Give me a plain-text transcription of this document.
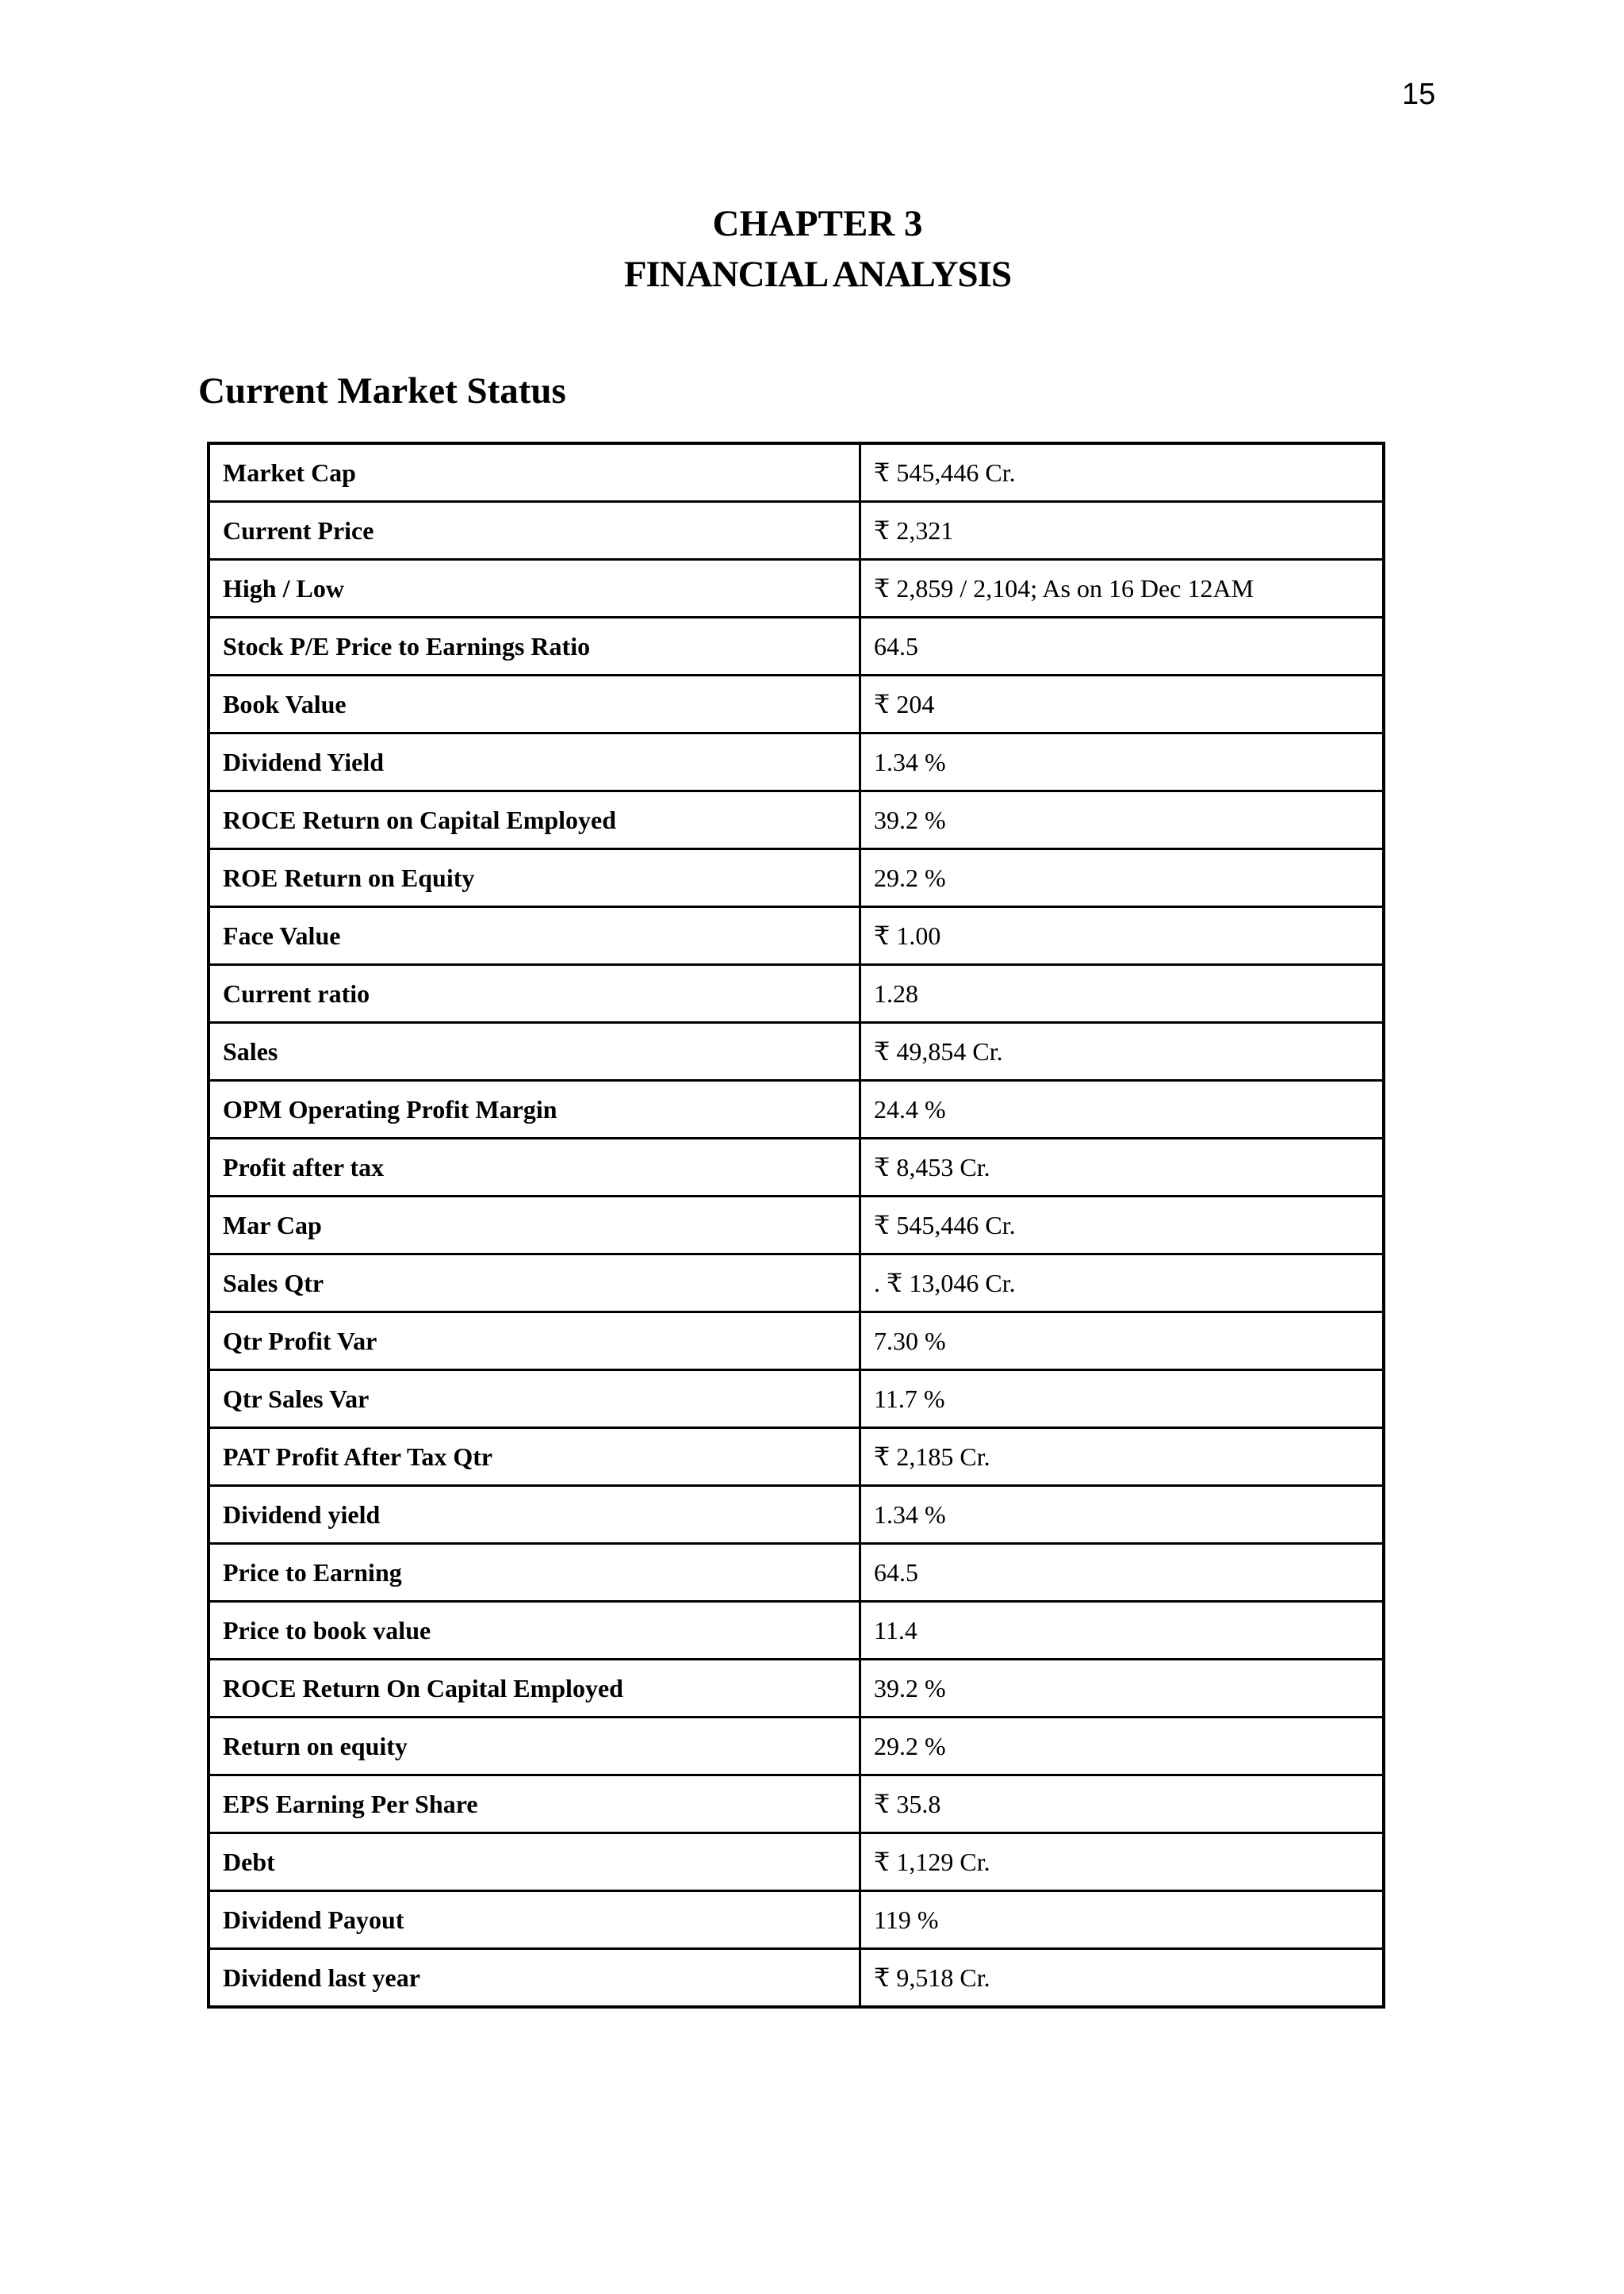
15
CHAPTER 3
FINANCIAL ANALYSIS
Current Market Status
Market Cap	₹ 545,446 Cr.
Current Price	₹ 2,321
High / Low	₹ 2,859 / 2,104; As on 16 Dec 12AM
Stock P/E Price to Earnings Ratio	64.5
Book Value	₹ 204
Dividend Yield	1.34 %
ROCE Return on Capital Employed	39.2 %
ROE Return on Equity	29.2 %
Face Value	₹ 1.00
Current ratio	1.28
Sales	₹ 49,854 Cr.
OPM Operating Profit Margin	24.4 %
Profit after tax	₹ 8,453 Cr.
Mar Cap	₹ 545,446 Cr.
Sales Qtr	. ₹ 13,046 Cr.
Qtr Profit Var	7.30 %
Qtr Sales Var	11.7 %
PAT Profit After Tax Qtr	₹ 2,185 Cr.
Dividend yield	1.34 %
Price to Earning	64.5
Price to book value	11.4
ROCE Return On Capital Employed	39.2 %
Return on equity	29.2 %
EPS Earning Per Share	₹ 35.8
Debt	₹ 1,129 Cr.
Dividend Payout	119 %
Dividend last year	₹ 9,518 Cr.
